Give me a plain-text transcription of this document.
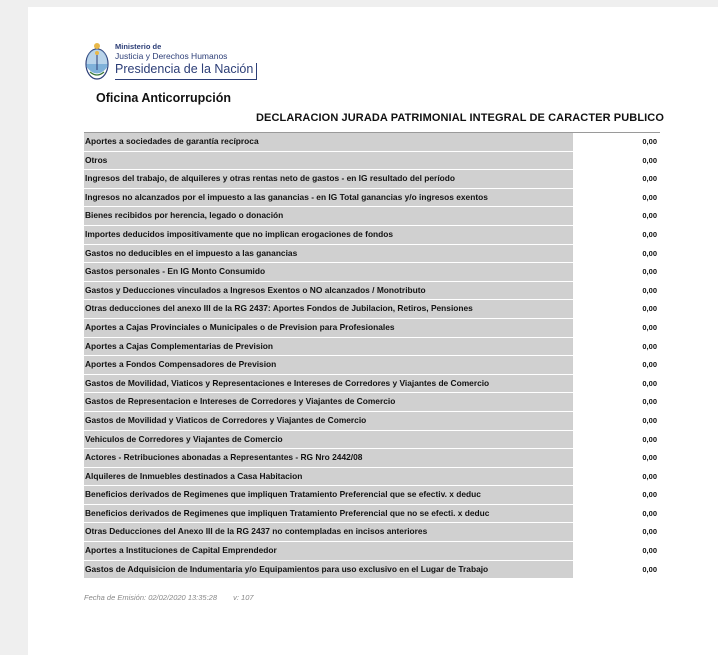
Ministerio de
Justicia y Derechos Humanos
Presidencia de la Nación
Oficina Anticorrupción
DECLARACION JURADA PATRIMONIAL INTEGRAL DE CARACTER PUBLICO
Aportes a sociedades de garantía recíproca	0,00
Otros	0,00
Ingresos del trabajo, de alquileres y otras rentas neto de gastos - en IG resultado del período	0,00
Ingresos no alcanzados por el impuesto a las ganancias - en IG Total ganancias y/o ingresos exentos	0,00
Bienes recibidos por herencia, legado o donación	0,00
Importes deducidos impositivamente que no implican erogaciones de fondos	0,00
Gastos no deducibles en el impuesto a las ganancias	0,00
Gastos personales - En IG Monto Consumido	0,00
Gastos y Deducciones vinculados a Ingresos Exentos o NO alcanzados / Monotributo	0,00
Otras deducciones del anexo III de la RG 2437: Aportes Fondos de Jubilacion, Retiros, Pensiones	0,00
Aportes a Cajas Provinciales o Municipales o de Prevision para Profesionales	0,00
Aportes a Cajas Complementarias de Prevision	0,00
Aportes a Fondos Compensadores de Prevision	0,00
Gastos de Movilidad, Viaticos y Representaciones e Intereses de Corredores y Viajantes de Comercio	0,00
Gastos de Representacion e Intereses de Corredores y Viajantes de Comercio	0,00
Gastos de Movilidad y Viaticos de Corredores y Viajantes de Comercio	0,00
Vehiculos de Corredores y Viajantes de Comercio	0,00
Actores - Retribuciones abonadas a Representantes - RG Nro 2442/08	0,00
Alquileres de Inmuebles destinados a Casa Habitacion	0,00
Beneficios derivados de Regimenes que impliquen Tratamiento Preferencial que se efectiv. x deduc	0,00
Beneficios derivados de Regimenes que impliquen Tratamiento Preferencial que no se efecti. x deduc	0,00
Otras Deducciones del Anexo III de la RG 2437 no contempladas en incisos anteriores	0,00
Aportes a Instituciones de Capital Emprendedor	0,00
Gastos de Adquisicion de Indumentaria y/o Equipamientos para uso exclusivo en el Lugar de Trabajo	0,00
Fecha de Emisión: 02/02/2020 13:35:28 v: 107
